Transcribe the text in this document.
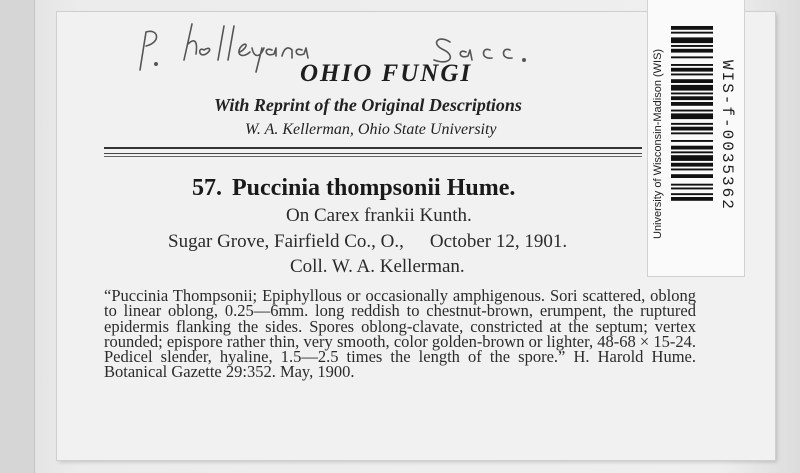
P. holleyana Sacc.
OHIO FUNGI
With Reprint of the Original Descriptions
W. A. Kellerman, Ohio State University
57. Puccinia thompsonii Hume.
On Carex frankii Kunth.
Sugar Grove, Fairfield Co., O., October 12, 1901.
Coll. W. A. Kellerman.
“Puccinia Thompsonii; Epiphyllous or occasionally amphigenous. Sori scattered, oblong to linear oblong, 0.25—6mm. long reddish to chestnut-brown, erumpent, the ruptured epidermis flanking the sides. Spores oblong-clavate, constricted at the septum; vertex rounded; epispore rather thin, very smooth, color golden-brown or lighter, 48-68 × 15-24. Pedicel slender, hyaline, 1.5—2.5 times the length of the spore.” H. Harold Hume. Botanical Gazette 29:352. May, 1900.
University of Wisconsin-Madison (WIS)	WIS-f-0035362
